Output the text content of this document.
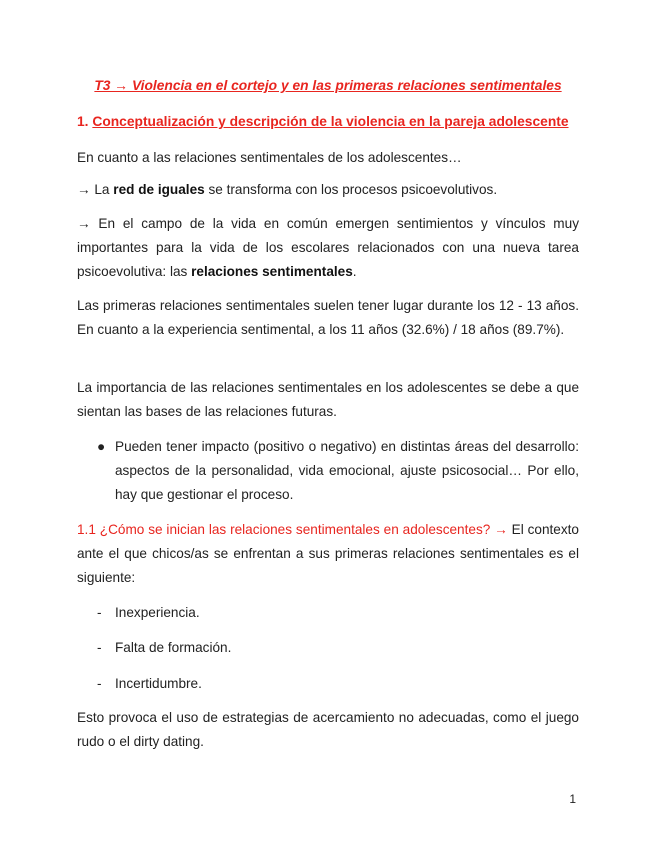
T3 → Violencia en el cortejo y en las primeras relaciones sentimentales

1. Conceptualización y descripción de la violencia en la pareja adolescente

En cuanto a las relaciones sentimentales de los adolescentes…

→ La red de iguales se transforma con los procesos psicoevolutivos.

→ En el campo de la vida en común emergen sentimientos y vínculos muy importantes para la vida de los escolares relacionados con una nueva tarea psicoevolutiva: las relaciones sentimentales.

Las primeras relaciones sentimentales suelen tener lugar durante los 12 - 13 años. En cuanto a la experiencia sentimental, a los 11 años (32.6%) / 18 años (89.7%).

La importancia de las relaciones sentimentales en los adolescentes se debe a que sientan las bases de las relaciones futuras.

● Pueden tener impacto (positivo o negativo) en distintas áreas del desarrollo: aspectos de la personalidad, vida emocional, ajuste psicosocial… Por ello, hay que gestionar el proceso.

1.1 ¿Cómo se inician las relaciones sentimentales en adolescentes? → El contexto ante el que chicos/as se enfrentan a sus primeras relaciones sentimentales es el siguiente:

- Inexperiencia.

- Falta de formación.

- Incertidumbre.

Esto provoca el uso de estrategias de acercamiento no adecuadas, como el juego rudo o el dirty dating.

1
